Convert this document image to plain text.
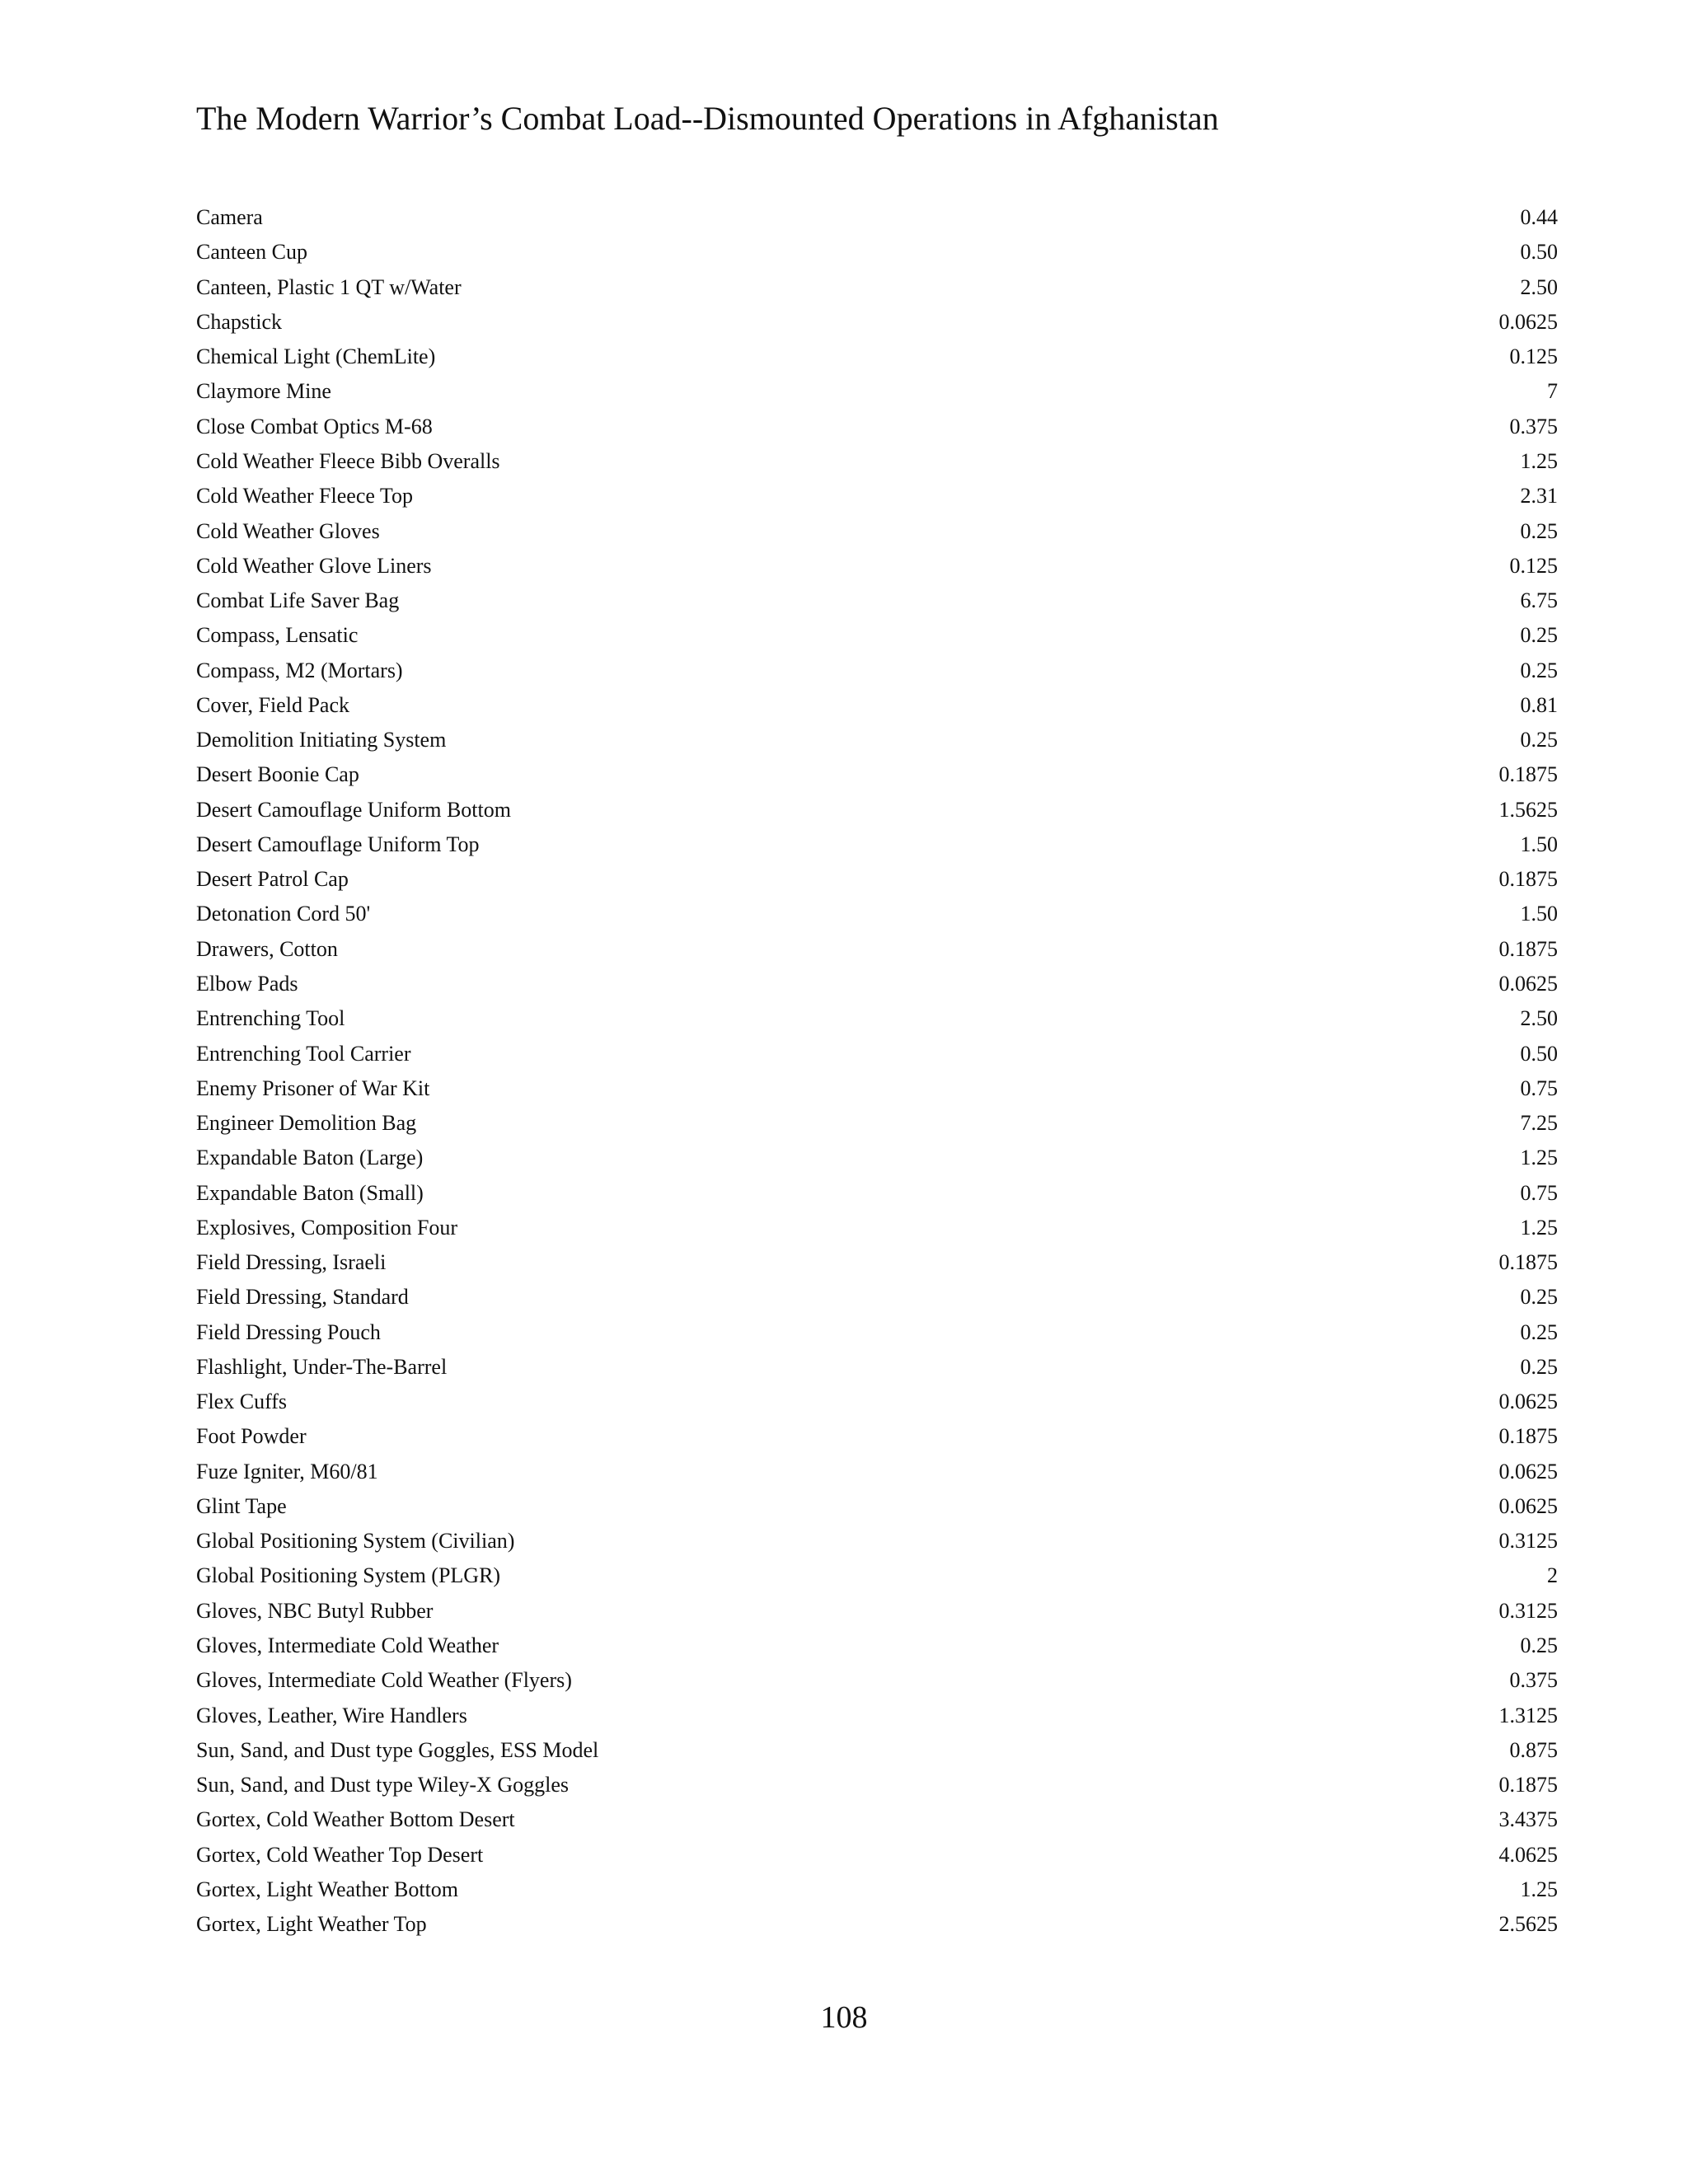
The Modern Warrior’s Combat Load--Dismounted Operations in Afghanistan
Camera	0.44
Canteen Cup	0.50
Canteen, Plastic 1 QT w/Water	2.50
Chapstick	0.0625
Chemical Light (ChemLite)	0.125
Claymore Mine	7
Close Combat Optics M-68	0.375
Cold Weather Fleece Bibb Overalls	1.25
Cold Weather Fleece Top	2.31
Cold Weather Gloves	0.25
Cold Weather Glove Liners	0.125
Combat Life Saver Bag	6.75
Compass, Lensatic	0.25
Compass, M2 (Mortars)	0.25
Cover, Field Pack	0.81
Demolition Initiating System	0.25
Desert Boonie Cap	0.1875
Desert Camouflage Uniform Bottom	1.5625
Desert Camouflage Uniform Top	1.50
Desert Patrol Cap	0.1875
Detonation Cord 50'	1.50
Drawers, Cotton	0.1875
Elbow Pads	0.0625
Entrenching Tool	2.50
Entrenching Tool Carrier	0.50
Enemy Prisoner of War Kit	0.75
Engineer Demolition Bag	7.25
Expandable Baton (Large)	1.25
Expandable Baton (Small)	0.75
Explosives, Composition Four	1.25
Field Dressing, Israeli	0.1875
Field Dressing, Standard	0.25
Field Dressing Pouch	0.25
Flashlight, Under-The-Barrel	0.25
Flex Cuffs	0.0625
Foot Powder	0.1875
Fuze Igniter, M60/81	0.0625
Glint Tape	0.0625
Global Positioning System (Civilian)	0.3125
Global Positioning System (PLGR)	2
Gloves, NBC Butyl Rubber	0.3125
Gloves, Intermediate Cold Weather	0.25
Gloves, Intermediate Cold Weather (Flyers)	0.375
Gloves, Leather, Wire Handlers	1.3125
Sun, Sand, and Dust type Goggles, ESS Model	0.875
Sun, Sand, and Dust type Wiley-X Goggles	0.1875
Gortex, Cold Weather Bottom Desert	3.4375
Gortex, Cold Weather Top Desert	4.0625
Gortex, Light Weather Bottom	1.25
Gortex, Light Weather Top	2.5625
108
